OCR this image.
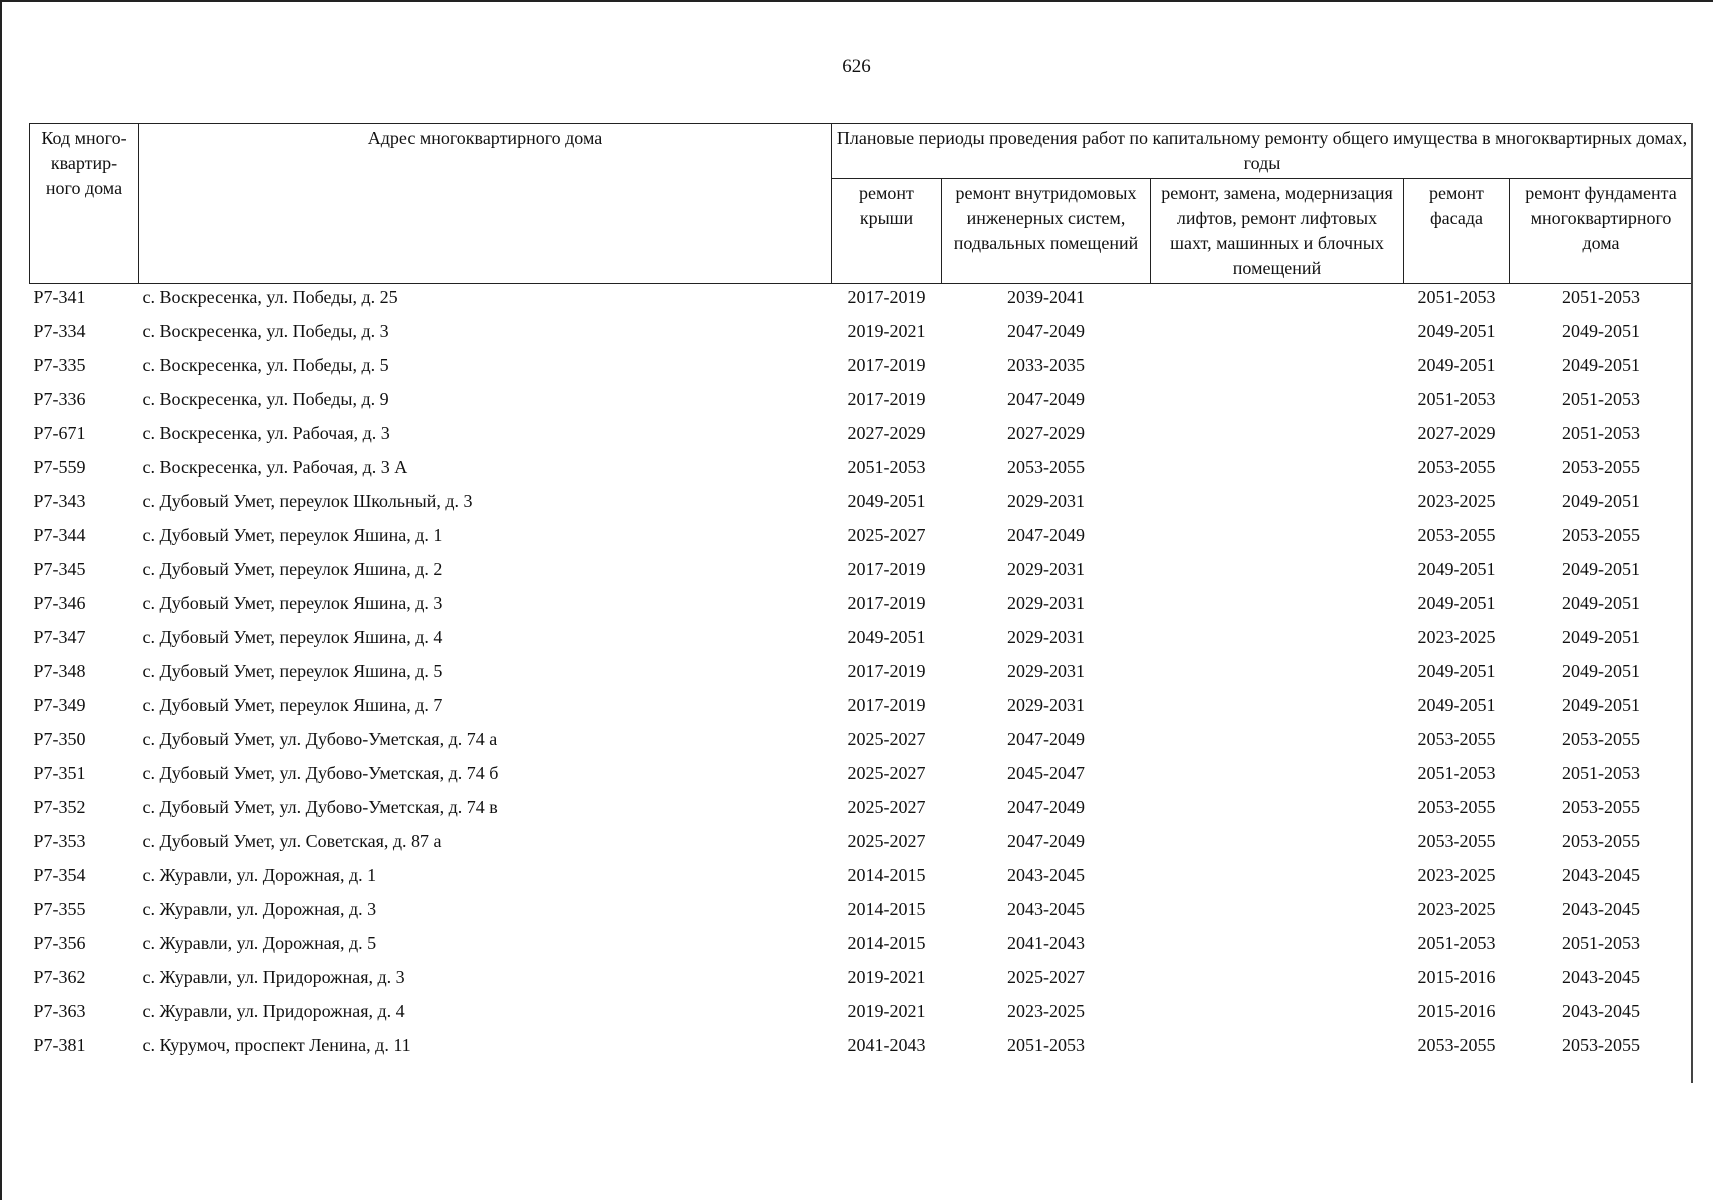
626
Код много-квартир-ного дома	Адрес многоквартирного дома	Плановые периоды проведения работ по капитальному ремонту общего имущества в многоквартирных домах, годы				
		ремонт крыши	ремонт внутридомовых инженерных систем, подвальных помещений	ремонт, замена, модернизация лифтов, ремонт лифтовых шахт, машинных и блочных помещений	ремонт фасада	ремонт фундамента многоквартирного дома
Р7-341	с. Воскресенка, ул. Победы, д. 25	2017-2019	2039-2041		2051-2053	2051-2053
Р7-334	с. Воскресенка, ул. Победы, д. 3	2019-2021	2047-2049		2049-2051	2049-2051
Р7-335	с. Воскресенка, ул. Победы, д. 5	2017-2019	2033-2035		2049-2051	2049-2051
Р7-336	с. Воскресенка, ул. Победы, д. 9	2017-2019	2047-2049		2051-2053	2051-2053
Р7-671	с. Воскресенка, ул. Рабочая, д. 3	2027-2029	2027-2029		2027-2029	2051-2053
Р7-559	с. Воскресенка, ул. Рабочая, д. 3 А	2051-2053	2053-2055		2053-2055	2053-2055
Р7-343	с. Дубовый Умет, переулок Школьный, д. 3	2049-2051	2029-2031		2023-2025	2049-2051
Р7-344	с. Дубовый Умет, переулок Яшина, д. 1	2025-2027	2047-2049		2053-2055	2053-2055
Р7-345	с. Дубовый Умет, переулок Яшина, д. 2	2017-2019	2029-2031		2049-2051	2049-2051
Р7-346	с. Дубовый Умет, переулок Яшина, д. 3	2017-2019	2029-2031		2049-2051	2049-2051
Р7-347	с. Дубовый Умет, переулок Яшина, д. 4	2049-2051	2029-2031		2023-2025	2049-2051
Р7-348	с. Дубовый Умет, переулок Яшина, д. 5	2017-2019	2029-2031		2049-2051	2049-2051
Р7-349	с. Дубовый Умет, переулок Яшина, д. 7	2017-2019	2029-2031		2049-2051	2049-2051
Р7-350	с. Дубовый Умет, ул. Дубово-Уметская, д. 74 а	2025-2027	2047-2049		2053-2055	2053-2055
Р7-351	с. Дубовый Умет, ул. Дубово-Уметская, д. 74 б	2025-2027	2045-2047		2051-2053	2051-2053
Р7-352	с. Дубовый Умет, ул. Дубово-Уметская, д. 74 в	2025-2027	2047-2049		2053-2055	2053-2055
Р7-353	с. Дубовый Умет, ул. Советская, д. 87 а	2025-2027	2047-2049		2053-2055	2053-2055
Р7-354	с. Журавли, ул. Дорожная, д. 1	2014-2015	2043-2045		2023-2025	2043-2045
Р7-355	с. Журавли, ул. Дорожная, д. 3	2014-2015	2043-2045		2023-2025	2043-2045
Р7-356	с. Журавли, ул. Дорожная, д. 5	2014-2015	2041-2043		2051-2053	2051-2053
Р7-362	с. Журавли, ул. Придорожная, д. 3	2019-2021	2025-2027		2015-2016	2043-2045
Р7-363	с. Журавли, ул. Придорожная, д. 4	2019-2021	2023-2025		2015-2016	2043-2045
Р7-381	с. Курумоч, проспект Ленина, д. 11	2041-2043	2051-2053		2053-2055	2053-2055
